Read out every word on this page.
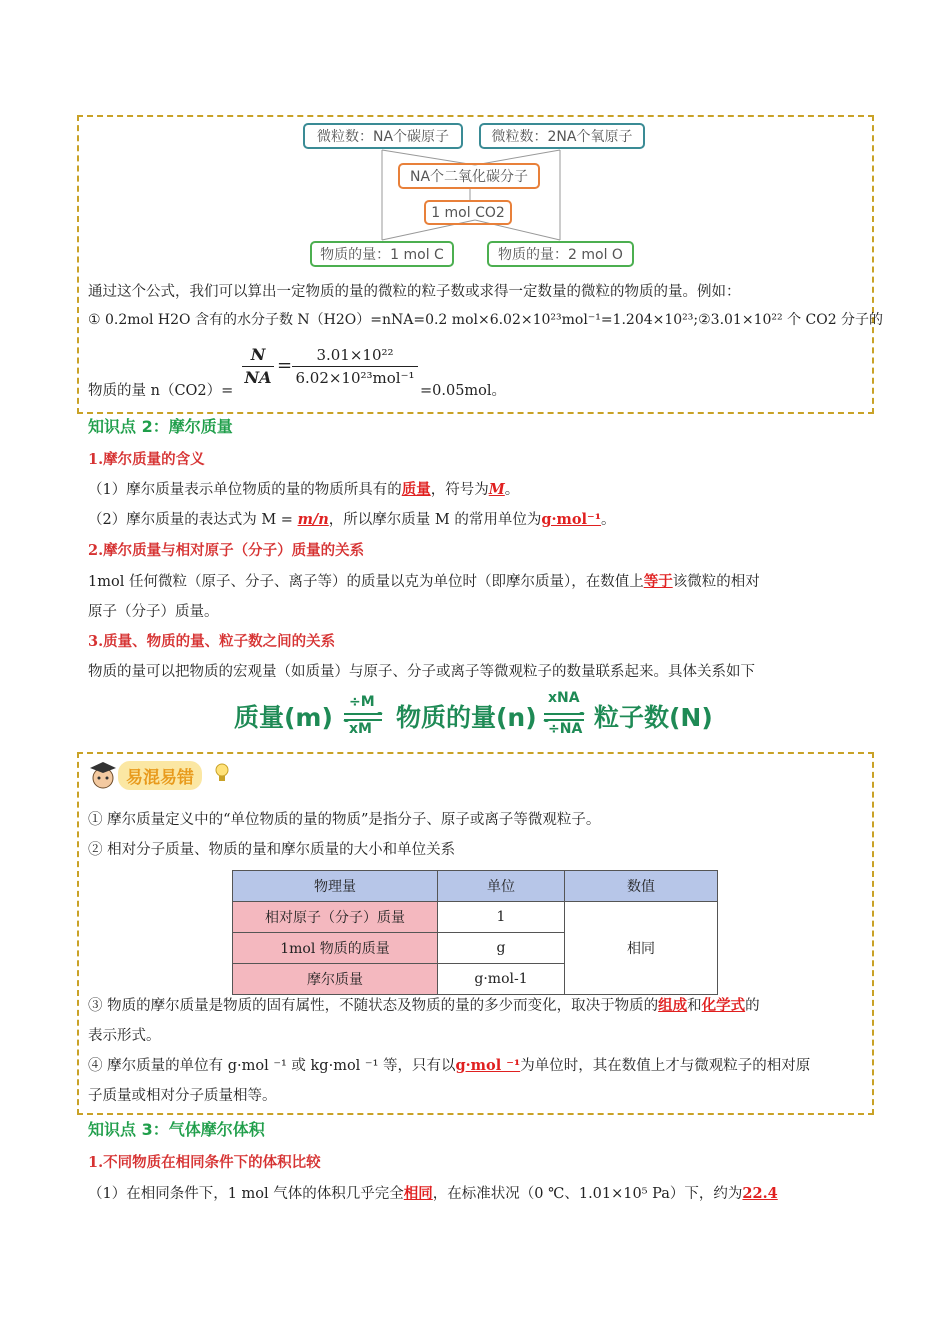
微粒数：NA个碳原子	微粒数：2NA个氧原子
NA个二氧化碳分子
1 mol CO2
物质的量：1 mol C	物质的量：2 mol O
通过这个公式，我们可以算出一定物质的量的微粒的粒子数或求得一定数量的微粒的物质的量。例如：
① 0.2mol H2O 含有的水分子数 N（H2O）=nNA=0.2 mol×6.02×10²³mol⁻¹=1.204×10²³;②3.01×10²² 个 CO2 分子的
物质的量 n（CO2）=
$\frac{N}{NA}$ =	3.01×10²²
6.02×10²³mol⁻¹
=0.05mol。
知识点 2：摩尔质量
1.摩尔质量的含义
（1）摩尔质量表示单位物质的量的物质所具有的质量，符号为M。
（2）摩尔质量的表达式为 M = m/n，所以摩尔质量 M 的常用单位为g·mol⁻¹。
2.摩尔质量与相对原子（分子）质量的关系
1mol 任何微粒（原子、分子、离子等）的质量以克为单位时（即摩尔质量），在数值上等于该微粒的相对
原子（分子）质量。
3.质量、物质的量、粒子数之间的关系
物质的量可以把物质的宏观量（如质量）与原子、分子或离子等微观粒子的数量联系起来。具体关系如下
质量(m)
÷M
xM 物质的量(n)
xNA
÷NA 粒子数(N)
易混易错
① 摩尔质量定义中的“单位物质的量的物质”是指分子、原子或离子等微观粒子。
② 相对分子质量、物质的量和摩尔质量的大小和单位关系
物理量	单位	数值
相对原子（分子）质量	1	相同
1mol 物质的质量	g	
摩尔质量	g·mol-1	
③ 物质的摩尔质量是物质的固有属性，不随状态及物质的量的多少而变化，取决于物质的组成和化学式的
表示形式。
④ 摩尔质量的单位有 g·mol ⁻¹ 或 kg·mol ⁻¹ 等，只有以g·mol ⁻¹为单位时，其在数值上才与微观粒子的相对原
子质量或相对分子质量相等。
知识点 3：气体摩尔体积
1.不同物质在相同条件下的体积比较
（1）在相同条件下，1 mol 气体的体积几乎完全相同，在标准状况（0 ℃、1.01×10⁵ Pa）下，约为22.4
